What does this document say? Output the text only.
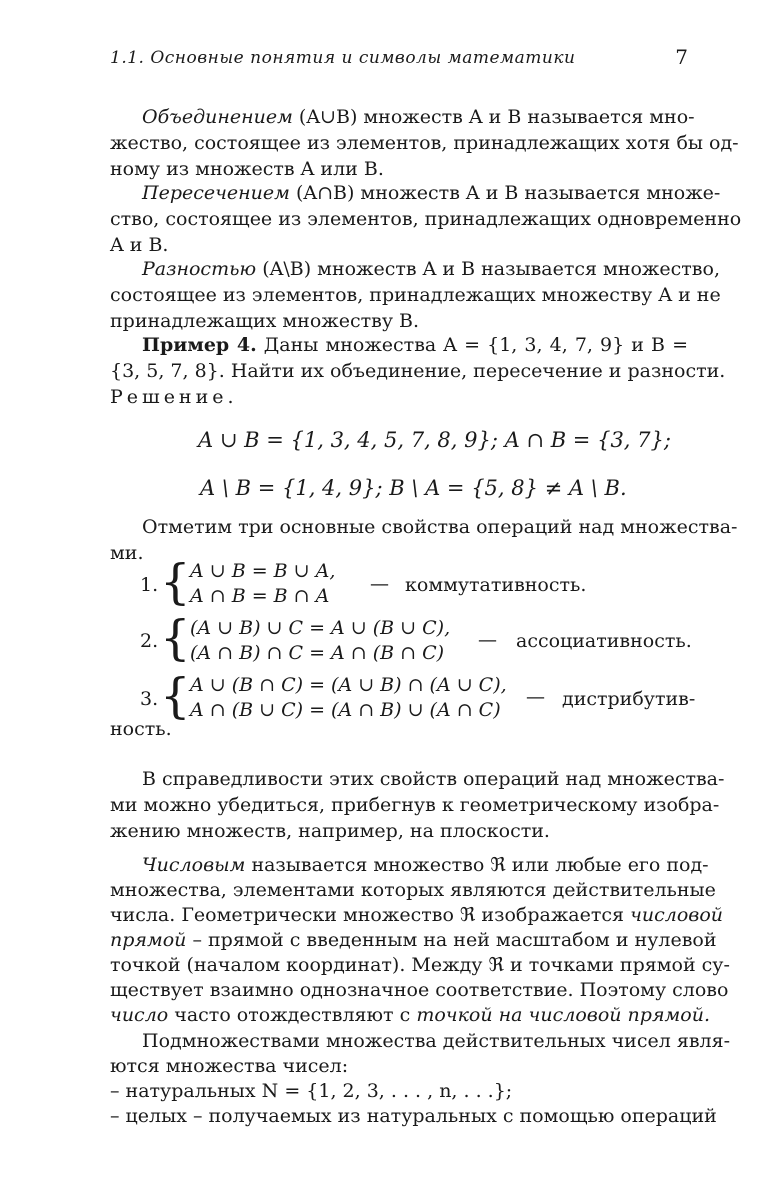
1.1. Основные понятия и символы математики	7
Объединением (A∪B) множеств A и B называется мно-
жество, состоящее из элементов, принадлежащих хотя бы од-
ному из множеств A или B.
Пересечением (A∩B) множеств A и B называется множе-
ство, состоящее из элементов, принадлежащих одновременно
A и B.
Разностью (A\B) множеств A и B называется множество,
состоящее из элементов, принадлежащих множеству A и не
принадлежащих множеству B.
Пример 4. Даны множества A = {1, 3, 4, 7, 9} и B =
{3, 5, 7, 8}. Найти их объединение, пересечение и разности.
Решение.
A ∪ B = {1, 3, 4, 5, 7, 8, 9}; A ∩ B = {3, 7};
A \ B = {1, 4, 9}; B \ A = {5, 8} ≠ A \ B.
Отметим три основные свойства операций над множества-
ми.
1. { A ∪ B = B ∪ A,
A ∩ B = B ∩ A
— коммутативность.
2. { (A ∪ B) ∪ C = A ∪ (B ∪ C),
(A ∩ B) ∩ C = A ∩ (B ∩ C)
— ассоциативность.
3. { A ∪ (B ∩ C) = (A ∪ B) ∩ (A ∪ C),
A ∩ (B ∪ C) = (A ∩ B) ∪ (A ∩ C)
— дистрибутив-
ность.
В справедливости этих свойств операций над множества-
ми можно убедиться, прибегнув к геометрическому изобра-
жению множеств, например, на плоскости.
Числовым называется множество ℜ или любые его под-
множества, элементами которых являются действительные
числа. Геометрически множество ℜ изображается числовой
прямой – прямой с введенным на ней масштабом и нулевой
точкой (началом координат). Между ℜ и точками прямой су-
ществует взаимно однозначное соответствие. Поэтому слово
число часто отождествляют с точкой на числовой прямой.
Подмножествами множества действительных чисел явля-
ются множества чисел:
– натуральных N = {1, 2, 3, . . . , n, . . .};
– целых – получаемых из натуральных с помощью операций
